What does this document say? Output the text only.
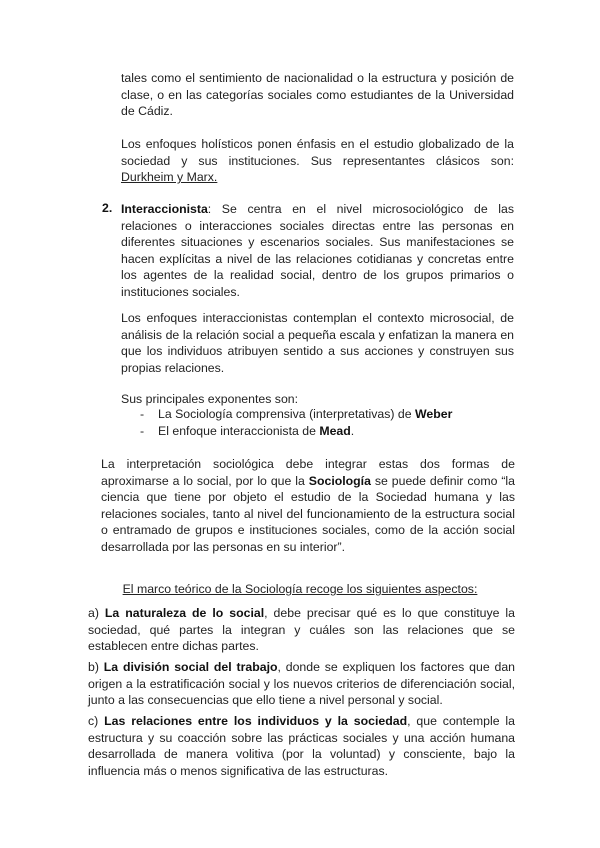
tales como el sentimiento de nacionalidad o la estructura y posición de clase, o en las categorías sociales como estudiantes de la Universidad de Cádiz.

Los enfoques holísticos ponen énfasis en el estudio globalizado de la sociedad y sus instituciones. Sus representantes clásicos son: Durkheim y Marx.

2. Interaccionista: Se centra en el nivel microsociológico de las relaciones o interacciones sociales directas entre las personas en diferentes situaciones y escenarios sociales. Sus manifestaciones se hacen explícitas a nivel de las relaciones cotidianas y concretas entre los agentes de la realidad social, dentro de los grupos primarios o instituciones sociales.

Los enfoques interaccionistas contemplan el contexto microsocial, de análisis de la relación social a pequeña escala y enfatizan la manera en que los individuos atribuyen sentido a sus acciones y construyen sus propias relaciones.

Sus principales exponentes son:

- La Sociología comprensiva (interpretativas) de Weber
- El enfoque interaccionista de Mead.

La interpretación sociológica debe integrar estas dos formas de aproximarse a lo social, por lo que la Sociología se puede definir como “la ciencia que tiene por objeto el estudio de la Sociedad humana y las relaciones sociales, tanto al nivel del funcionamiento de la estructura social o entramado de grupos e instituciones sociales, como de la acción social desarrollada por las personas en su interior”.

El marco teórico de la Sociología recoge los siguientes aspectos:

a) La naturaleza de lo social, debe precisar qué es lo que constituye la sociedad, qué partes la integran y cuáles son las relaciones que se establecen entre dichas partes.

b) La división social del trabajo, donde se expliquen los factores que dan origen a la estratificación social y los nuevos criterios de diferenciación social, junto a las consecuencias que ello tiene a nivel personal y social.

c) Las relaciones entre los individuos y la sociedad, que contemple la estructura y su coacción sobre las prácticas sociales y una acción humana desarrollada de manera volitiva (por la voluntad) y consciente, bajo la influencia más o menos significativa de las estructuras.
